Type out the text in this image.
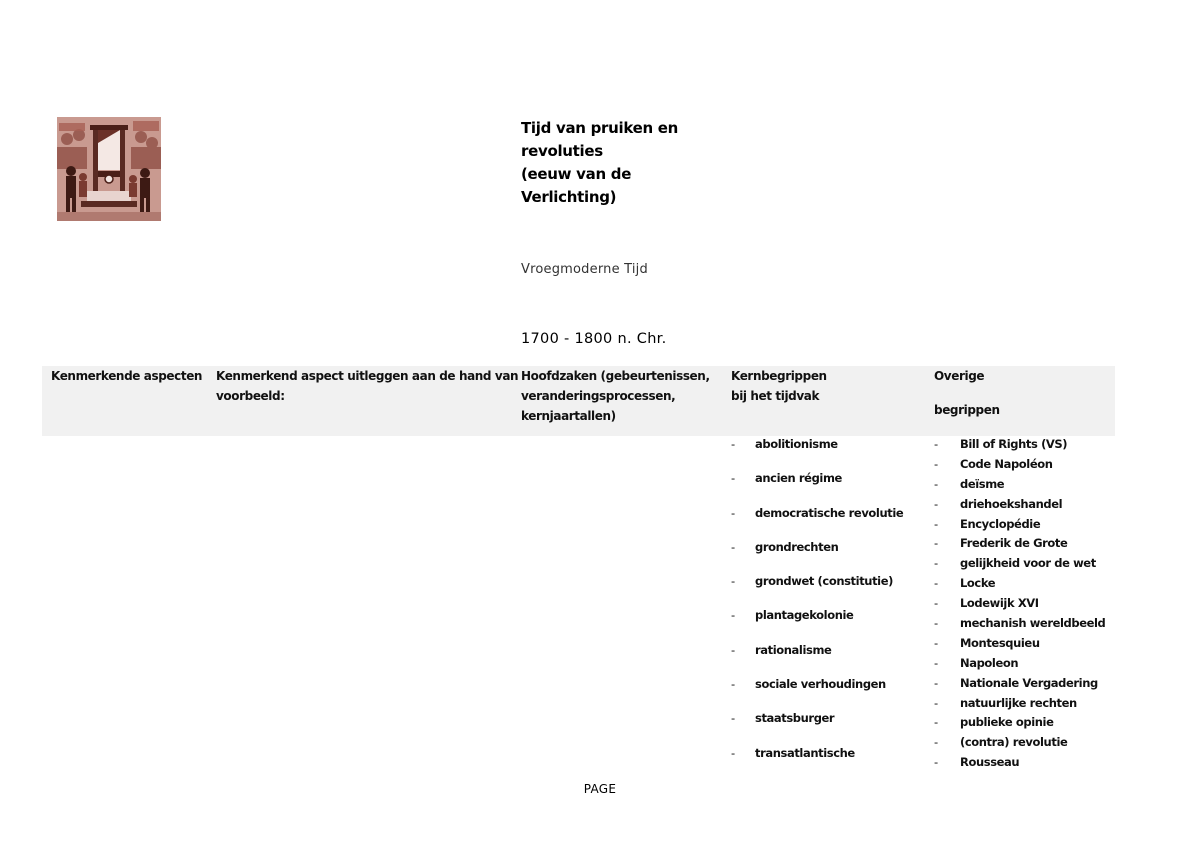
Tijd van pruiken en
revoluties
(eeuw van de
Verlichting)
Vroegmoderne Tijd
1700 - 1800 n. Chr.
Kenmerkende aspecten Kenmerkend aspect uitleggen aan de hand van
voorbeeld:
Hoofdzaken (gebeurtenissen,
veranderingsprocessen,
kernjaartallen)
Kernbegrippen
bij het tijdvak
Overige
begrippen
- abolitionisme
- ancien régime
- democratische revolutie
- grondrechten
- grondwet (constitutie)
- plantagekolonie
- rationalisme
- sociale verhoudingen
- staatsburger
- transatlantische
- Bill of Rights (VS)
- Code Napoléon
- deïsme
- driehoekshandel
- Encyclopédie
- Frederik de Grote
- gelijkheid voor de wet
- Locke
- Lodewijk XVI
- mechanish wereldbeeld
- Montesquieu
- Napoleon
- Nationale Vergadering
- natuurlijke rechten
- publieke opinie
- (contra) revolutie
- Rousseau
PAGE
